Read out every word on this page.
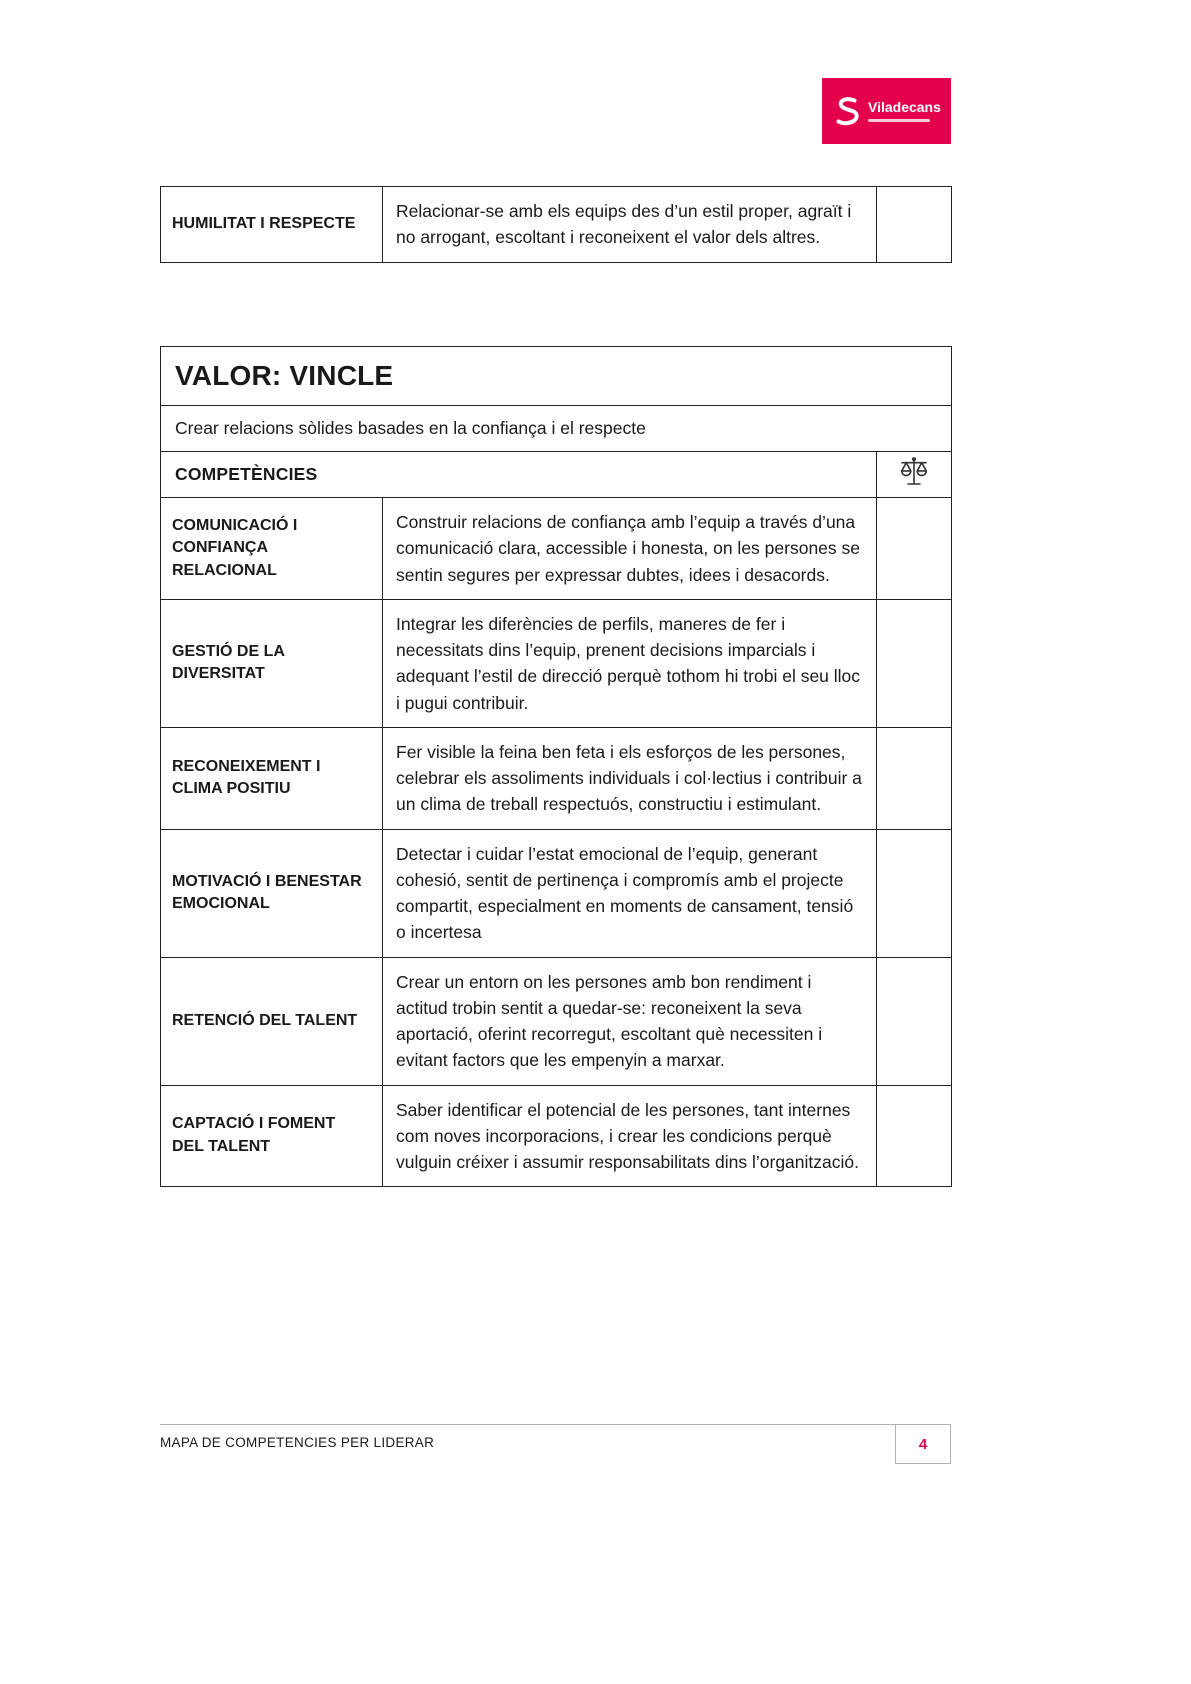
Viladecans
HUMILITAT I RESPECTE	Relacionar-se amb els equips des d’un estil proper, agraït i no arrogant, escoltant i reconeixent el valor dels altres.	
VALOR: VINCLE		
Crear relacions sòlides basades en la confiança i el respecte		
COMPETÈNCIES	
COMUNICACIÓ I CONFIANÇA RELACIONAL	Construir relacions de confiança amb l’equip a través d’una comunicació clara, accessible i honesta, on les persones se sentin segures per expressar dubtes, idees i desacords.	
GESTIÓ DE LA DIVERSITAT	Integrar les diferències de perfils, maneres de fer i necessitats dins l’equip, prenent decisions imparcials i adequant l’estil de direcció perquè tothom hi trobi el seu lloc i pugui contribuir.	
RECONEIXEMENT I CLIMA POSITIU	Fer visible la feina ben feta i els esforços de les persones, celebrar els assoliments individuals i col·lectius i contribuir a un clima de treball respectuós, constructiu i estimulant.	
MOTIVACIÓ I BENESTAR EMOCIONAL	Detectar i cuidar l’estat emocional de l’equip, generant cohesió, sentit de pertinença i compromís amb el projecte compartit, especialment en moments de cansament, tensió o incertesa	
RETENCIÓ DEL TALENT	Crear un entorn on les persones amb bon rendiment i actitud trobin sentit a quedar-se: reconeixent la seva aportació, oferint recorregut, escoltant què necessiten i evitant factors que les empenyin a marxar.	
CAPTACIÓ I FOMENT DEL TALENT	Saber identificar el potencial de les persones, tant internes com noves incorporacions, i crear les condicions perquè vulguin créixer i assumir responsabilitats dins l’organització.	
MAPA DE COMPETENCIES PER LIDERAR	4
